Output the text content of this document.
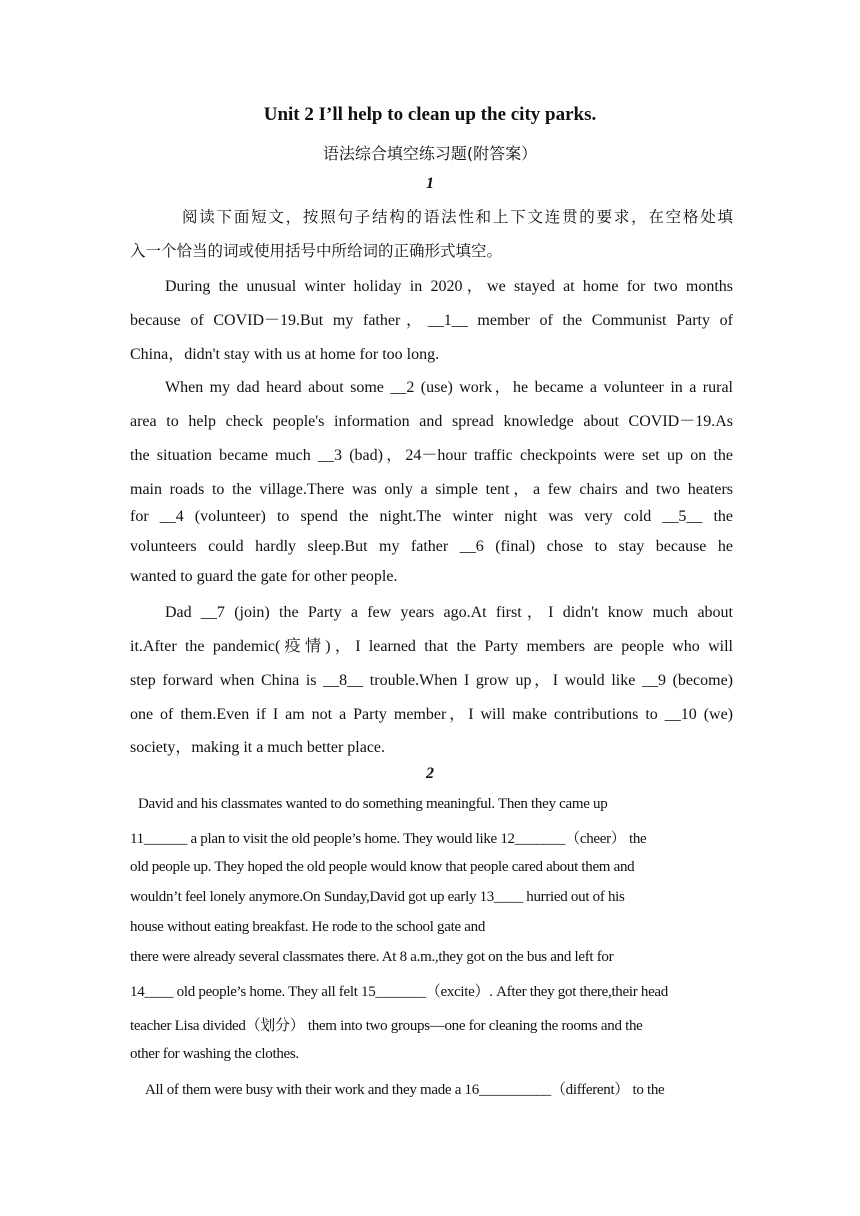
Unit 2 I’ll help to clean up the city parks.
语法综合填空练习题(附答案）
1
阅读下面短文，按照句子结构的语法性和上下文连贯的要求，在空格处填
入一个恰当的词或使用括号中所给词的正确形式填空。
During the unusual winter holiday in 2020，we stayed at home for two months
because of COVID－19.But my father，__1__ member of the Communist Party of
China，didn't stay with us at home for too long.
When my dad heard about some __2 (use) work，he became a volunteer in a rural
area to help check people's information and spread knowledge about COVID－19.As
the situation became much __3 (bad)，24－hour traffic checkpoints were set up on the
main roads to the village.There was only a simple tent，a few chairs and two heaters
for __4 (volunteer) to spend the night.The winter night was very cold __5__ the
volunteers could hardly sleep.But my father __6 (final) chose to stay because he
wanted to guard the gate for other people.
Dad __7 (join) the Party a few years ago.At first，I didn't know much about
it.After the pandemic(疫情)，I learned that the Party members are people who will
step forward when China is __8__ trouble.When I grow up，I would like __9 (become)
one of them.Even if I am not a Party member，I will make contributions to __10 (we)
society，making it a much better place.
2
David and his classmates wanted to do something meaningful. Then they came up
11______ a plan to visit the old people’s home. They would like 12_______（cheer） the
old people up. They hoped the old people would know that people cared about them and
wouldn’t feel lonely anymore.On Sunday,David got up early 13____ hurried out of his
house without eating breakfast. He rode to the school gate and
there were already several classmates there. At 8 a.m.,they got on the bus and left for
14____ old people’s home. They all felt 15_______（excite）. After they got there,their head
teacher Lisa divided（划分） them into two groups—one for cleaning the rooms and the
other for washing the clothes.
All of them were busy with their work and they made a 16__________（different） to the
